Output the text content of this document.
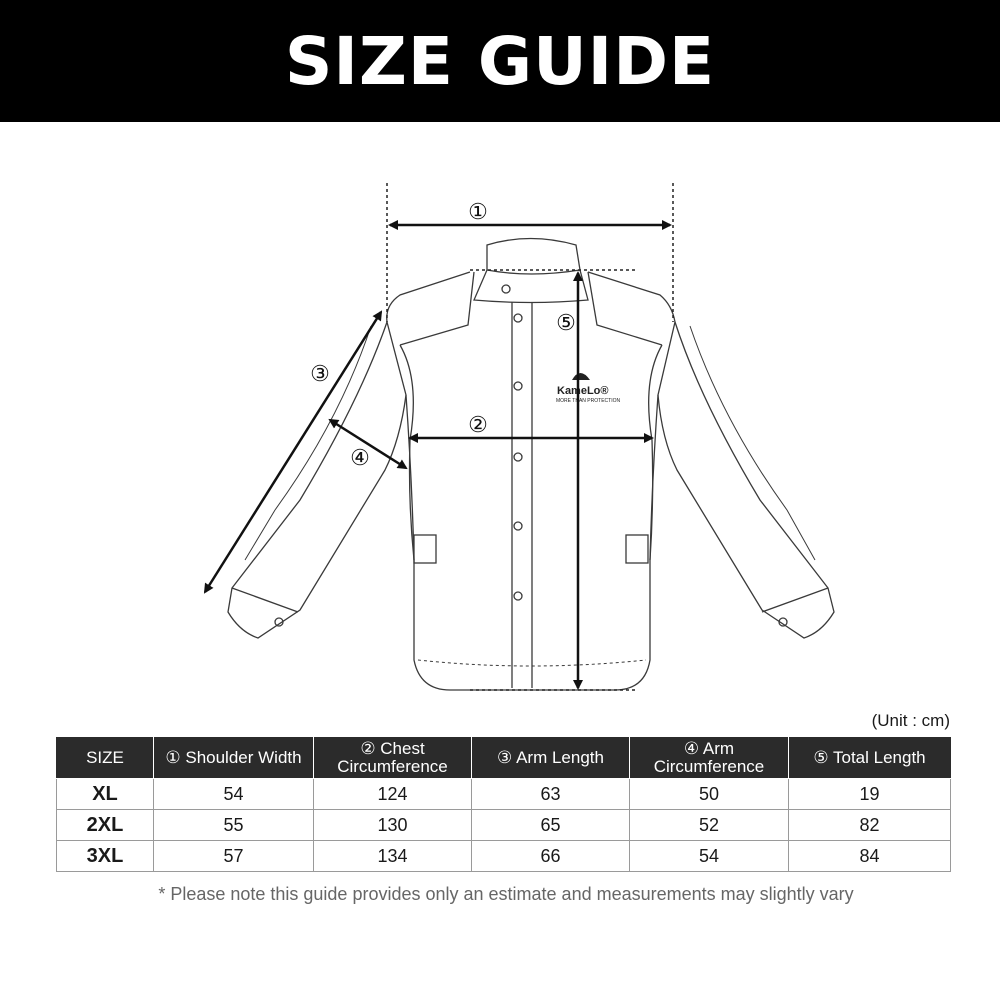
SIZE GUIDE
KameLo®
MORE THAN PROTECTION
①
②
③
④
⑤
(Unit : cm)
SIZE	① Shoulder Width	② Chest
Circumference	③ Arm Length	④ Arm
Circumference	⑤ Total Length
XL	54	124	63	50	19
2XL	55	130	65	52	82
3XL	57	134	66	54	84
* Please note this guide provides only an estimate and measurements may slightly vary
